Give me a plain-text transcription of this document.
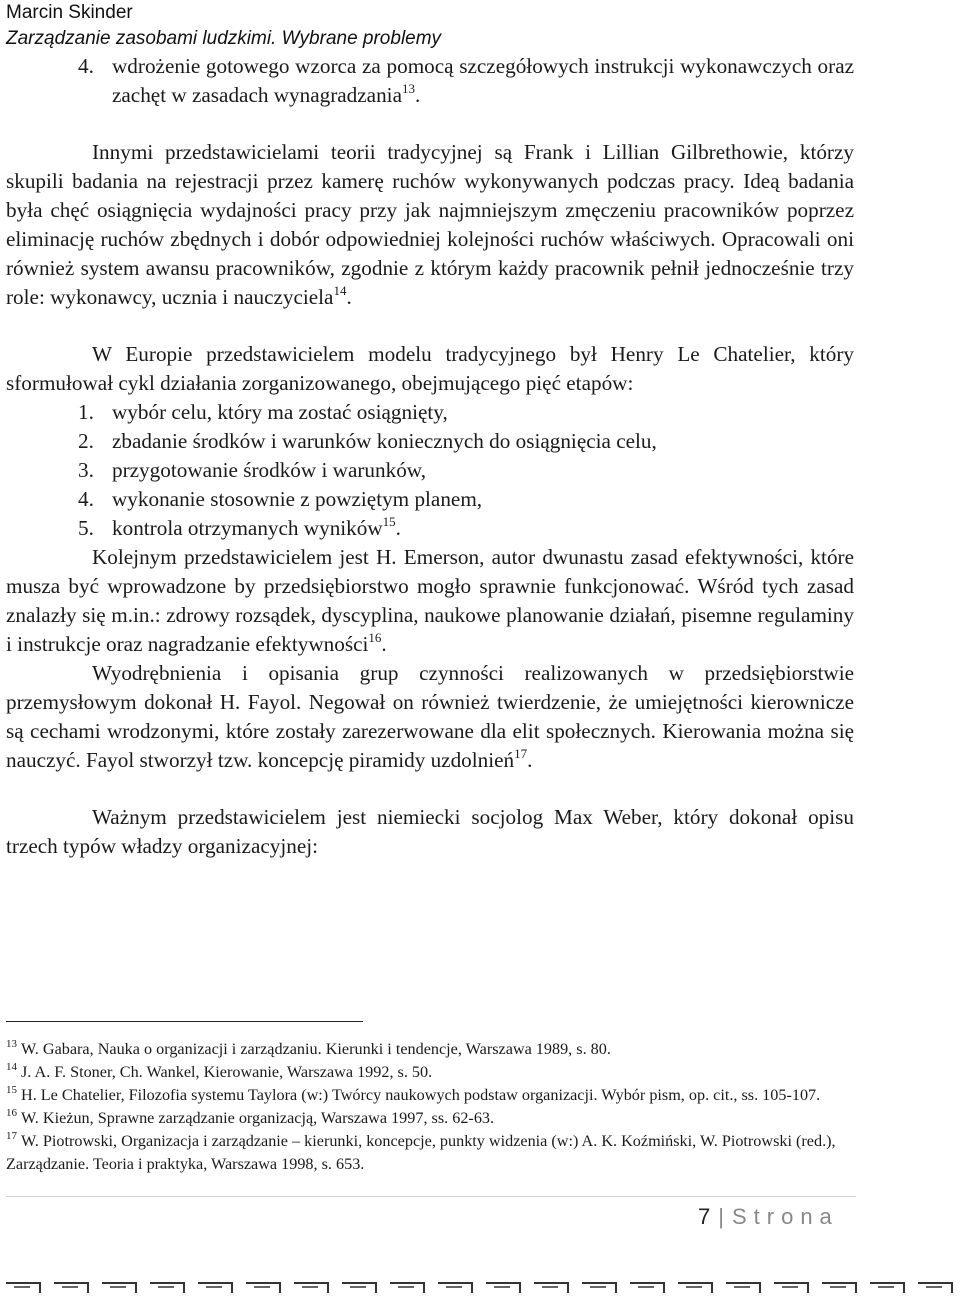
Marcin Skinder
Zarządzanie zasobami ludzkimi. Wybrane problemy
4. wdrożenie gotowego wzorca za pomocą szczegółowych instrukcji wykonawczych oraz zachęt w zasadach wynagradzania$^{13}$.

Innymi przedstawicielami teorii tradycyjnej są Frank i Lillian Gilbrethowie, którzy skupili badania na rejestracji przez kamerę ruchów wykonywanych podczas pracy. Ideą badania była chęć osiągnięcia wydajności pracy przy jak najmniejszym zmęczeniu pracowników poprzez eliminację ruchów zbędnych i dobór odpowiedniej kolejności ruchów właściwych. Opracowali oni również system awansu pracowników, zgodnie z którym każdy pracownik pełnił jednocześnie trzy role: wykonawcy, ucznia i nauczyciela$^{14}$.

W Europie przedstawicielem modelu tradycyjnego był Henry Le Chatelier, który sformułował cykl działania zorganizowanego, obejmującego pięć etapów:

1. wybór celu, który ma zostać osiągnięty,
2. zbadanie środków i warunków koniecznych do osiągnięcia celu,
3. przygotowanie środków i warunków,
4. wykonanie stosownie z powziętym planem,
5. kontrola otrzymanych wyników$^{15}$.

Kolejnym przedstawicielem jest H. Emerson, autor dwunastu zasad efektywności, które musza być wprowadzone by przedsiębiorstwo mogło sprawnie funkcjonować. Wśród tych zasad znalazły się m.in.: zdrowy rozsądek, dyscyplina, naukowe planowanie działań, pisemne regulaminy i instrukcje oraz nagradzanie efektywności$^{16}$.

Wyodrębnienia i opisania grup czynności realizowanych w przedsiębiorstwie przemysłowym dokonał H. Fayol. Negował on również twierdzenie, że umiejętności kierownicze są cechami wrodzonymi, które zostały zarezerwowane dla elit społecznych. Kierowania można się nauczyć. Fayol stworzył tzw. koncepcję piramidy uzdolnień$^{17}$.

Ważnym przedstawicielem jest niemiecki socjolog Max Weber, który dokonał opisu trzech typów władzy organizacyjnej:

$^{13}$ W. Gabara, Nauka o organizacji i zarządzaniu. Kierunki i tendencje, Warszawa 1989, s. 80.

$^{14}$ J. A. F. Stoner, Ch. Wankel, Kierowanie, Warszawa 1992, s. 50.

$^{15}$ H. Le Chatelier, Filozofia systemu Taylora (w:) Twórcy naukowych podstaw organizacji. Wybór pism, op. cit., ss. 105-107.

$^{16}$ W. Kieżun, Sprawne zarządzanie organizacją, Warszawa 1997, ss. 62-63.

$^{17}$ W. Piotrowski, Organizacja i zarządzanie – kierunki, koncepcje, punkty widzenia (w:) A. K. Koźmiński, W. Piotrowski (red.), Zarządzanie. Teoria i praktyka, Warszawa 1998, s. 653.

7 | Strona
